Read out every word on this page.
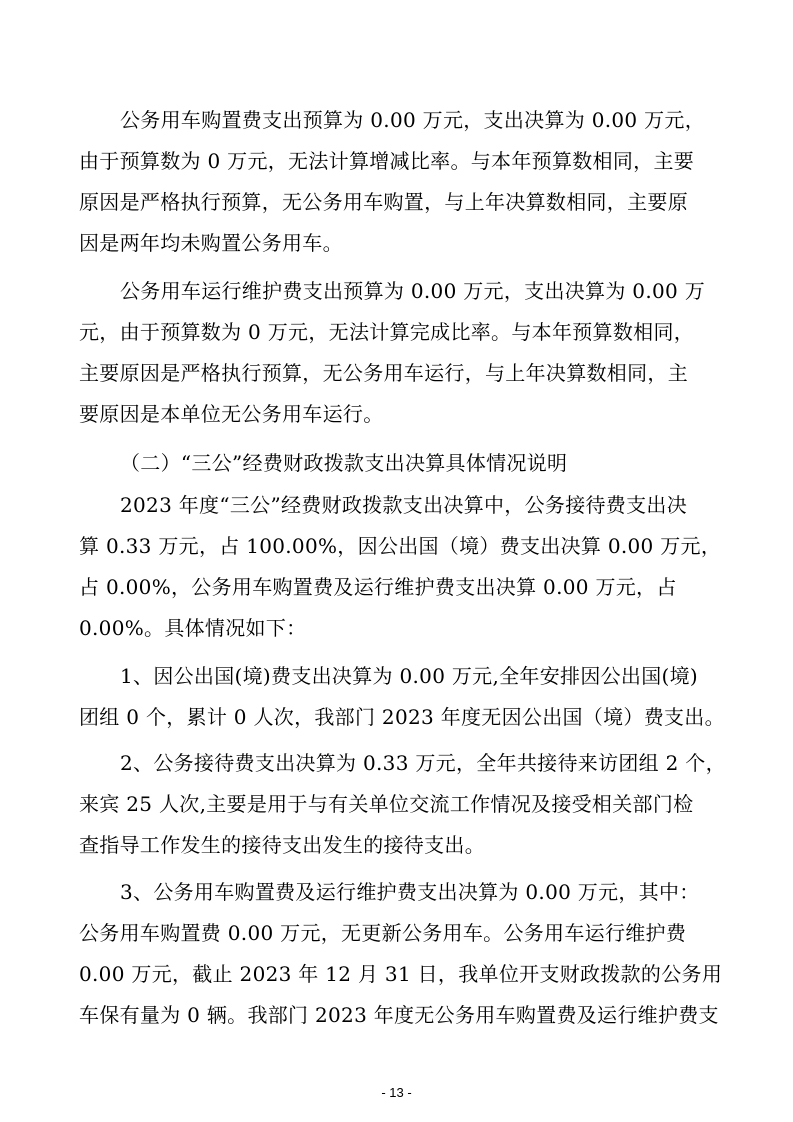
公务用车购置费支出预算为 0.00 万元，支出决算为 0.00 万元，
由于预算数为 0 万元，无法计算增减比率。与本年预算数相同，主要
原因是严格执行预算，无公务用车购置，与上年决算数相同，主要原
因是两年均未购置公务用车。
公务用车运行维护费支出预算为 0.00 万元，支出决算为 0.00 万
元，由于预算数为 0 万元，无法计算完成比率。与本年预算数相同，
主要原因是严格执行预算，无公务用车运行，与上年决算数相同，主
要原因是本单位无公务用车运行。
（二）“三公”经费财政拨款支出决算具体情况说明
2023 年度“三公”经费财政拨款支出决算中，公务接待费支出决
算 0.33 万元，占 100.00%，因公出国（境）费支出决算 0.00 万元，
占 0.00%，公务用车购置费及运行维护费支出决算 0.00 万元，占
0.00%。具体情况如下：
1、因公出国(境)费支出决算为 0.00 万元,全年安排因公出国(境)
团组 0 个，累计 0 人次，我部门 2023 年度无因公出国（境）费支出。
2、公务接待费支出决算为 0.33 万元，全年共接待来访团组 2 个，
来宾 25 人次,主要是用于与有关单位交流工作情况及接受相关部门检
查指导工作发生的接待支出发生的接待支出。
3、公务用车购置费及运行维护费支出决算为 0.00 万元，其中：
公务用车购置费 0.00 万元，无更新公务用车。公务用车运行维护费
0.00 万元，截止 2023 年 12 月 31 日，我单位开支财政拨款的公务用
车保有量为 0 辆。我部门 2023 年度无公务用车购置费及运行维护费支
- 13 -
